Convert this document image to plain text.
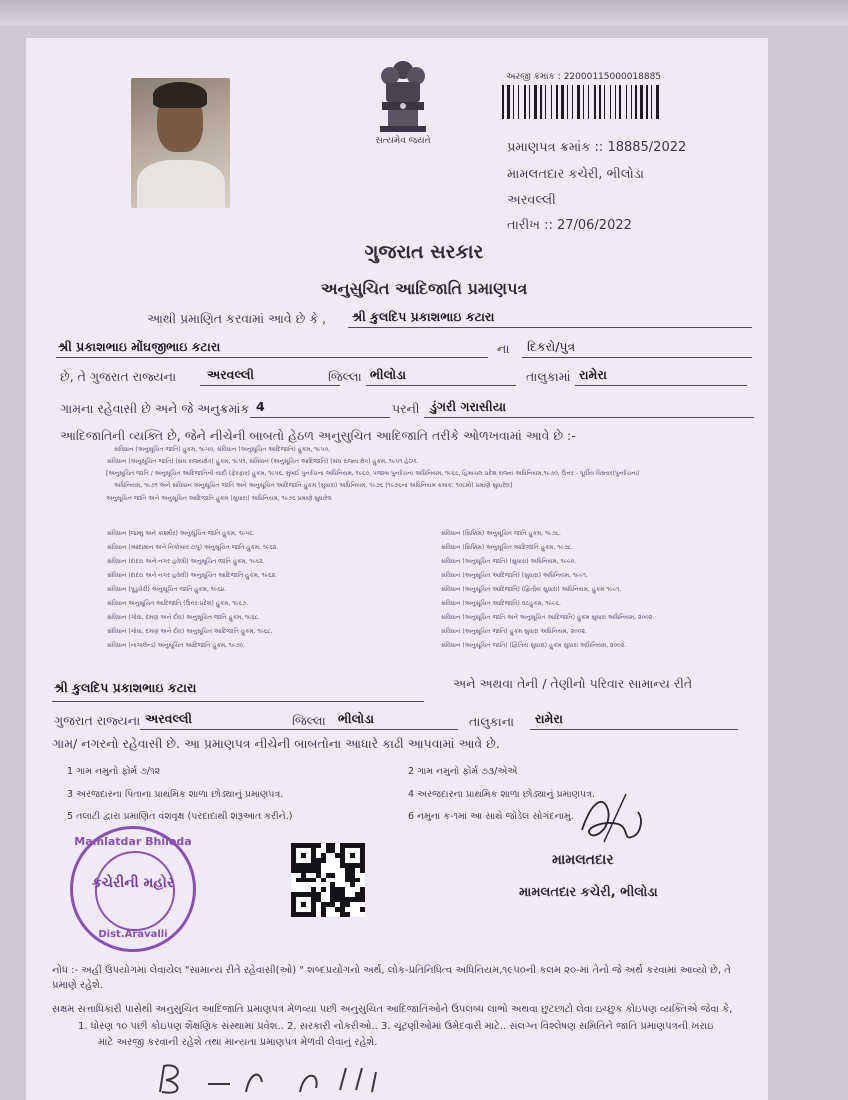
સત્યમેવ જયતે
અરજી ક્રમાંક : 22000115000018885
પ્રમાણપત્ર ક્રમાંક :: 18885/2022
મામલતદાર કચેરી, ભીલોડા
અરવલ્લી
તારીખ :: 27/06/2022
ગુજરાત સરકાર
અનુસુચિત આદિજાતિ પ્રમાણપત્ર
આથી પ્રમાણિત કરવામાં આવે છે કે , શ્રી કુલદિપ પ્રકાશભાઇ કટારા
શ્રી પ્રકાશભાઇ મોંઘજીભાઇ કટારા	ના દિકરો/પુત્ર
છે, તે ગુજરાત રાજ્યના અરવલ્લી	જિલ્લા ભીલોડા	તાલુકામાં રામેરા
ગામના રહેવાસી છે અને જે અનુક્રમાંક 4	પરની ડુંગરી ગરાસીયા
આદિજાતિની વ્યક્તિ છે, જેને નીચેની બાબતો હેઠળ અનુસુચિત આદિજાતિ તરીકે ઓળખવામાં આવે છે :-
સંવિધાન (અનુસૂચિત જાતિ) હુકમ, ૧૯૫૦, સંવિધાન (અનુસૂચિત આદિજાતિ) હુકમ, ૧૯૫૦,
સંવિધાન (અનુસૂચિત જાતિ) (સંઘ રાજ્યક્ષેત્ર) હુકમ, ૧૯૫૧, સંવિધાન (અનુસૂચિત આદિજાતિ) (સંઘ રાજ્ય ક્ષેત્ર) હુકમ, ૧૯૫૧ હેઠળ.
[અનુસૂચિત જાતિ / અનુસૂચિત આદિજાતિની યાદી (ફેરફાર) હુકમ, ૧૯૫૬, મુંબઈ પુનર્રચના અધિનિયમ, ૧૯૬૦, પંજાબ પુનર્રચના અધિનિયમ, ૧૯૬૬, હિમાચલ પ્રદેશ રાજ્ય અધિનિયમ,૧૯૭૦, ઉત્તર - પૂર્વીય વિસ્તાર(પુનર્રચના)
અધિનિયમ, ૧૯૭૧ અને સંવિધાન અનુસૂચિત જાતિ અને અનુસૂચિત આદિજાતિ હુકમ (સુધારા) અધિનિયમ, ૧૯૭૬ (૧૯૭૬ના અધિનિયમ ક્રમાંક: ૧૦૮મો) પ્રમાણે સુધારેલ]
અનુસૂચિત જાતિ અને અનુસૂચિત આદિજાતિ હુકમ (સુધારા) અધિનિયમ, ૧૯૭૬ પ્રમાણે સુધારેલ
સંવિધાન (જમ્મુ અને કાશ્મીર) અનુસૂચિત જાતિ હુકમ, ૧૯૫૬.
સંવિધાન (આંદામાન અને નિકોબાર ટાપુ) અનુસૂચિત જાતિ હુકમ, ૧૯૬૨.
સંવિધાન (દાદરા અને નગર હવેલી) અનુસૂચિત જાતિ હુકમ, ૧૯૬૨.
સંવિધાન (દાદરા અને નગર હવેલી) અનુસૂચિત આદિજાતિ હુકમ, ૧૯૬૨.
સંવિધાન (પુડુચેરી) અનુસૂચિત જાતિ હુકમ, ૧૯૬૪.
સંવિધાન અનુસૂચિત આદિજાતિ (ઉત્તર પ્રદેશ) હુકમ, ૧૯૬૭.
સંવિધાન (ગોવા, દમણ અને દીવ) અનુસૂચિત જાતિ હુકમ, ૧૯૬૮.
સંવિધાન (ગોવા, દમણ અને દીવ) અનુસૂચિત આદિજાતિ હુકમ, ૧૯૬૮.
સંવિધાન (નાગાલેન્ડ) અનુસૂચિત આદિજાતિ હુકમ, ૧૯૭૦.
સંવિધાન (સિક્કિમ) અનુસૂચિત જાતિ હુકમ, ૧૯૭૮.
સંવિધાન (સિક્કિમ) અનુસૂચિત આદિજાતિ હુકમ, ૧૯૭૮.
સંવિધાન (અનુસૂચિત જાતિ) (સુધારા) અધિનિયમ, ૧૯૯૦.
સંવિધાન (અનુસૂચિત આદિજાતિ) (સુધારા) અધિનિયમ, ૧૯૯૧.
સંવિધાન (અનુસૂચિત આદિજાતિ) (દ્વિતીય સુધારા) અધિનિયમ, હુકમ ૧૯૯૧.
સંવિધાન (અનુસૂચિત આદિજાતિ) વટહુકમ, ૧૯૯૬.
સંવિધાન (અનુસૂચિત જાતિ અને અનુસૂચિત આદિજાતિ) હુકમ સુધારા અધિનિયમ, ૨૦૦૨.
સંવિધાન (અનુસૂચિત જાતિ) હુકમ સુધારા અધિનિયમ, ૨૦૦૨.
સંવિધાન (અનુસૂચિત જાતિ) (દ્વિતિય સુધારા) હુકમ સુધારા અધિનિયમ, ૨૦૦૨.
શ્રી કુલદિપ પ્રકાશભાઇ કટારા	અને અથવા તેની / તેણીનો પરિવાર સામાન્ય રીતે
ગુજરાત રાજ્યના અરવલ્લી	જિલ્લા ભીલોડા	તાલુકાના રામેરા
ગામ/ નગરનો રહેવાસી છે. આ પ્રમાણપત્ર નીચેની બાબતોના આધારે કાઢી આપવામાં આવે છે.
1 ગામ નમુનો ફોર્મ ૭/૧૨	2 ગામ નમુનો ફોર્મ ૭૩/એએ
3 અરજદારના પિતાના પ્રાથમિક શાળા છોડ્યાનું પ્રમાણપત્ર.	4 અરજદારના પ્રાથમિક શાળા છોડ્યાનું પ્રમાણપત્ર.
5 તલાટી દ્વારા પ્રમાણિત વંશવૃક્ષ (પરદાદાથી શરૂઆત કરીને.)	6 નમુના ક-૧માં આ સાથે જોડેલ સોગંદનામું.
Mamlatdar Bhiloda
કચેરીની મહોર
Dist.Aravalli
મામલતદાર
મામલતદાર કચેરી, ભીલોડા
નોંધ :- અહીં ઉપયોગમાં લેવાયેલ "સામાન્ય રીતે રહેવાસી(ઓ) " શબ્દપ્રયોગનો અર્થ, લોક-પ્રતિનિધિત્વ અધિનિયમ,૧૯૫૦ની કલમ ૨૦-માં તેનો જે અર્થ કરવામાં આવ્યો છે, તે
પ્રમાણે રહેશે.
સક્ષમ સત્તાધિકારી પાસેથી અનુસુચિત આદિજાતિ પ્રમાણપત્ર મેળવ્યા પછી અનુસુચિત આદિજાતિઓને ઉપલબ્ધ લાભો અથવા છુટછાટો લેવા ઇચ્છુક કોઇપણ વ્યક્તિએ જેવા કે,
1. ધોરણ ૧૦ પછી કોઇપણ શૈક્ષણિક સંસ્થામાં પ્રવેશ.. 2. સરકારી નોકરીઓ.. 3. ચૂંટણીઓમાં ઉમેદવારી માટે.. સંલગ્ન વિશ્લેષણ સમિતિને જાતિ પ્રમાણપત્રની ખરાઇ
માટે અરજી કરવાની રહેશે તથા માન્યતા પ્રમાણપત્ર મેળવી લેવાનું રહેશે.
